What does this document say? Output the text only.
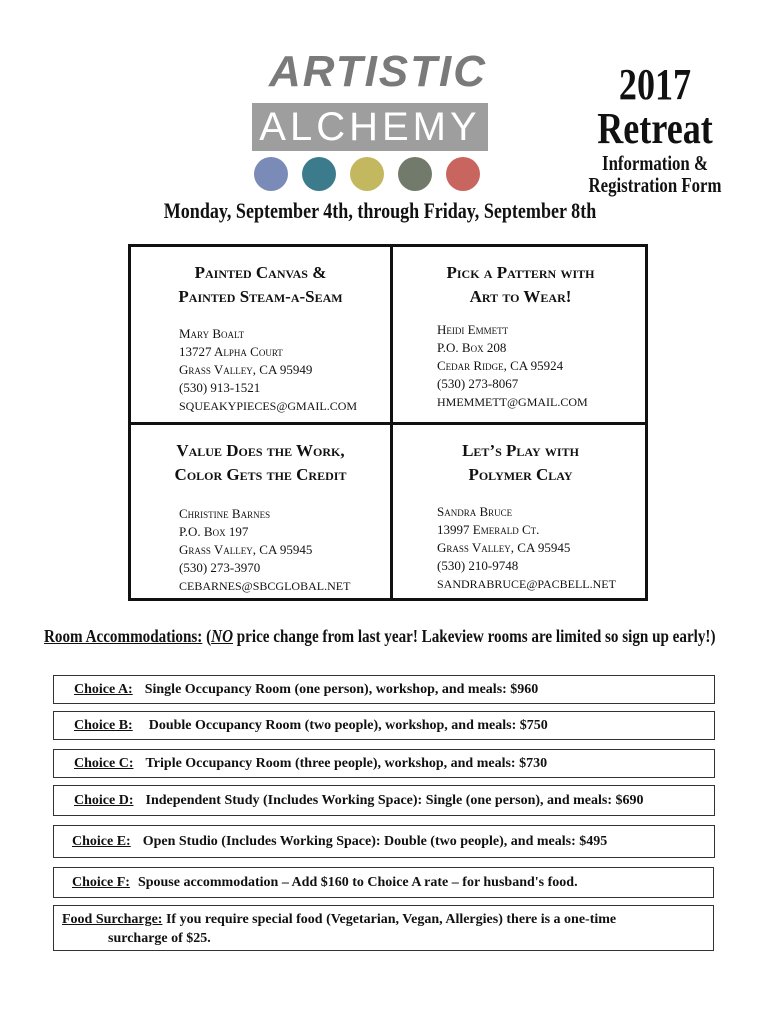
ARTISTIC
ALCHEMY
2017
Retreat
Information &
Registration Form
Monday, September 4th, through Friday, September 8th
Painted Canvas &
Painted Steam-a-Seam
Mary Boalt
13727 Alpha Court
Grass Valley, CA 95949
(530) 913-1521
SQUEAKYPIECES@GMAIL.COM
Pick a Pattern with
Art to Wear!
Heidi Emmett
P.O. Box 208
Cedar Ridge, CA 95924
(530) 273-8067
HMEMMETT@GMAIL.COM
Value Does the Work,
Color Gets the Credit
Christine Barnes
P.O. Box 197
Grass Valley, CA 95945
(530) 273-3970
CEBARNES@SBCGLOBAL.NET
Let’s Play with
Polymer Clay
Sandra Bruce
13997 Emerald Ct.
Grass Valley, CA 95945
(530) 210-9748
SANDRABRUCE@PACBELL.NET
Room Accommodations: (NO price change from last year! Lakeview rooms are limited so sign up early!)
Choice A: Single Occupancy Room (one person), workshop, and meals: $960
Choice B: Double Occupancy Room (two people), workshop, and meals: $750
Choice C: Triple Occupancy Room (three people), workshop, and meals: $730
Choice D: Independent Study (Includes Working Space): Single (one person), and meals: $690
Choice E: Open Studio (Includes Working Space): Double (two people), and meals: $495
Choice F: Spouse accommodation – Add $160 to Choice A rate – for husband's food.
Food Surcharge: If you require special food (Vegetarian, Vegan, Allergies) there is a one-time
surcharge of $25.
